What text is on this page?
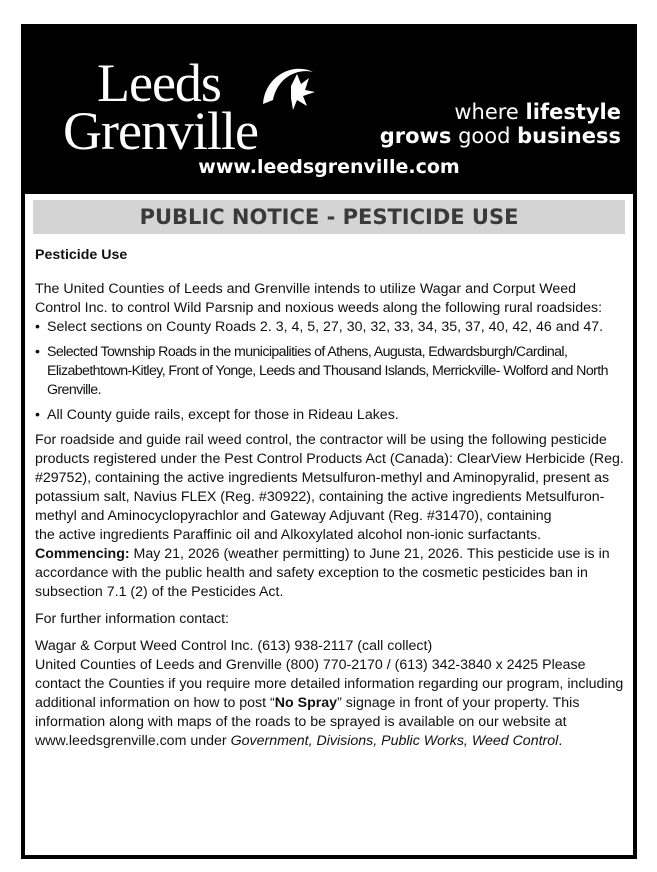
Leeds
Grenville	where lifestyle
grows good business
www.leedsgrenville.com
PUBLIC NOTICE - PESTICIDE USE

Pesticide Use

The United Counties of Leeds and Grenville intends to utilize Wagar and Corput Weed Control Inc. to control Wild Parsnip and noxious weeds along the following rural roadsides:

• Select sections on County Roads 2. 3, 4, 5, 27, 30, 32, 33, 34, 35, 37, 40, 42, 46 and 47.
• Selected Township Roads in the municipalities of Athens, Augusta, Edwardsburgh/Cardinal, Elizabethtown-Kitley, Front of Yonge, Leeds and Thousand Islands, Merrickville- Wolford and North Grenville.
• All County guide rails, except for those in Rideau Lakes.

For roadside and guide rail weed control, the contractor will be using the following pesticide products registered under the Pest Control Products Act (Canada): ClearView Herbicide (Reg. #29752), containing the active ingredients Metsulfuron-methyl and Aminopyralid, present as potassium salt, Navius FLEX (Reg. #30922), containing the active ingredients Metsulfuron-methyl and Aminocyclopyrachlor and Gateway Adjuvant (Reg. #31470), containing

the active ingredients Paraffinic oil and Alkoxylated alcohol non-ionic surfactants.

Commencing: May 21, 2026 (weather permitting) to June 21, 2026. This pesticide use is in accordance with the public health and safety exception to the cosmetic pesticides ban in subsection 7.1 (2) of the Pesticides Act.

For further information contact:

Wagar & Corput Weed Control Inc. (613) 938-2117 (call collect)

United Counties of Leeds and Grenville (800) 770-2170 / (613) 342-3840 x 2425 Please contact the Counties if you require more detailed information regarding our program, including additional information on how to post “No Spray” signage in front of your property. This information along with maps of the roads to be sprayed is available on our website at www.leedsgrenville.com under Government, Divisions, Public Works, Weed Control.
